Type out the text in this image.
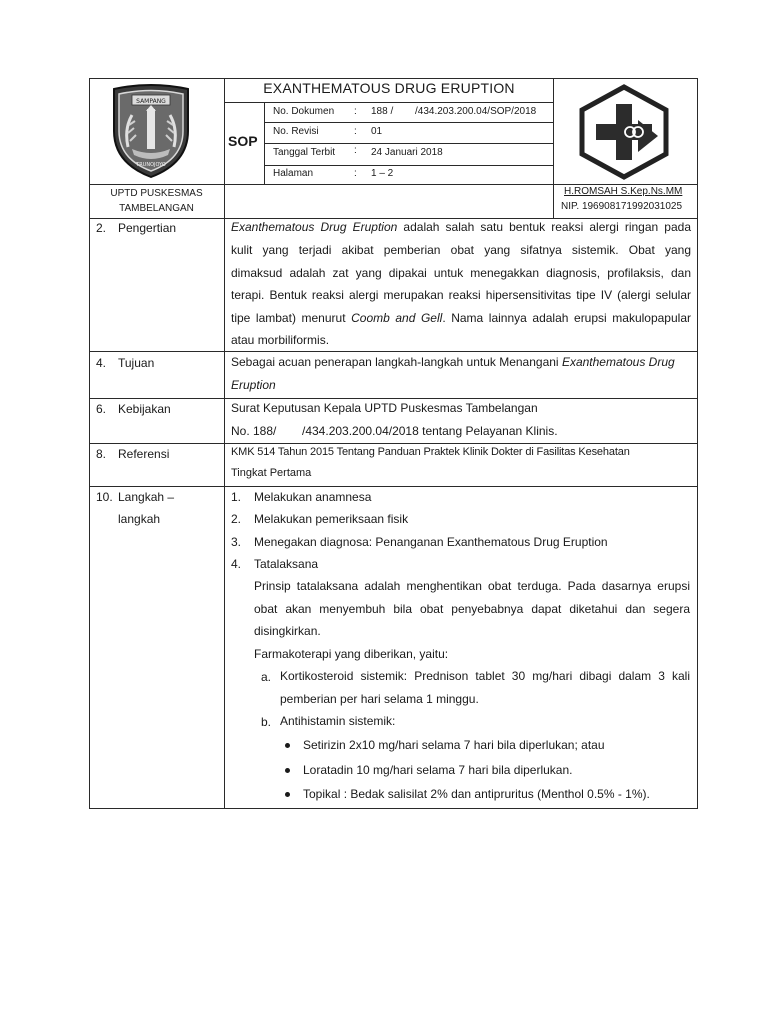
SAMPANG
TRUNOJOYO
EXANTHEMATOUS DRUG ERUPTION
SOP
No. Dokumen : 188 / /434.203.200.04/SOP/2018
No. Revisi	: 01
Tanggal Terbit : 24 Januari 2018
Halaman	: 1 – 2
UPTD PUSKESMAS
TAMBELANGAN
H.ROMSAH S.Kep.Ns.MM
NIP. 196908171992031025
2. Pengertian	Exanthematous Drug Eruption adalah salah satu bentuk reaksi alergi ringan pada
kulit yang terjadi akibat pemberian obat yang sifatnya sistemik. Obat yang
dimaksud adalah zat yang dipakai untuk menegakkan diagnosis, profilaksis, dan
terapi. Bentuk reaksi alergi merupakan reaksi hipersensitivitas tipe IV (alergi selular
tipe lambat) menurut Coomb and Gell. Nama lainnya adalah erupsi makulopapular
atau morbiliformis.
4. Tujuan	Sebagai acuan penerapan langkah-langkah untuk Menangani Exanthematous Drug
Eruption
6. Kebijakan	Surat Keputusan Kepala UPTD Puskesmas Tambelangan
No. 188/ /434.203.200.04/2018 tentang Pelayanan Klinis.
8. Referensi	KMK 514 Tahun 2015 Tentang Panduan Praktek Klinik Dokter di Fasilitas Kesehatan
Tingkat Pertama
10. Langkah –
langkah
1. Melakukan anamnesa
2. Melakukan pemeriksaan fisik
3. Menegakan diagnosa: Penanganan Exanthematous Drug Eruption
4. Tatalaksana
Prinsip tatalaksana adalah menghentikan obat terduga. Pada dasarnya erupsi
obat akan menyembuh bila obat penyebabnya dapat diketahui dan segera
disingkirkan.
Farmakoterapi yang diberikan, yaitu:
a. Kortikosteroid sistemik: Prednison tablet 30 mg/hari dibagi dalam 3 kali
pemberian per hari selama 1 minggu.
b. Antihistamin sistemik:
Setirizin 2x10 mg/hari selama 7 hari bila diperlukan; atau
Loratadin 10 mg/hari selama 7 hari bila diperlukan.
Topikal : Bedak salisilat 2% dan antipruritus (Menthol 0.5% - 1%).
